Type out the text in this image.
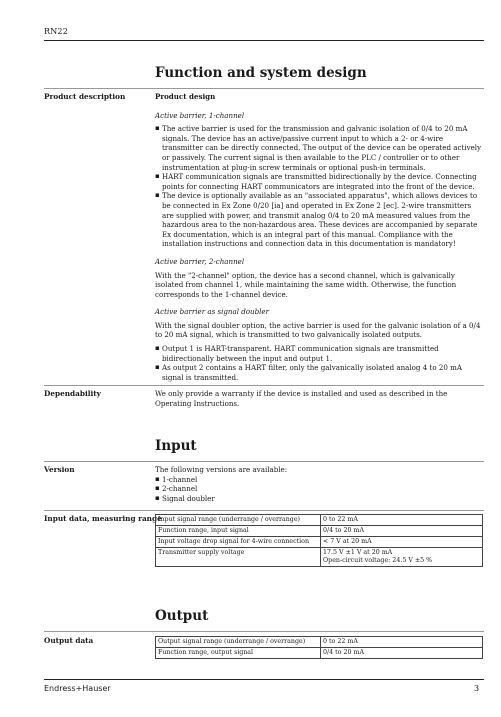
RN22
Function and system design
Product description	Product design

Active barrier, 1-channel

▪ The active barrier is used for the transmission and galvanic isolation of 0/4 to 20 mA signals. The device has an active/passive current input to which a 2- or 4-wire transmitter can be directly connected. The output of the device can be operated actively or passively. The current signal is then available to the PLC / controller or to other instrumentation at plug-in screw terminals or optional push-in terminals.
▪ HART communication signals are transmitted bidirectionally by the device. Connecting points for connecting HART communicators are integrated into the front of the device.
▪ The device is optionally available as an "associated apparatus", which allows devices to be connected in Ex Zone 0/20 [ia] and operated in Ex Zone 2 [ec]. 2-wire transmitters are supplied with power, and transmit analog 0/4 to 20 mA measured values from the hazardous area to the non-hazardous area. These devices are accompanied by separate Ex documentation, which is an integral part of this manual. Compliance with the installation instructions and connection data in this documentation is mandatory!

Active barrier, 2-channel

With the "2-channel" option, the device has a second channel, which is galvanically isolated from channel 1, while maintaining the same width. Otherwise, the function corresponds to the 1-channel device.

Active barrier as signal doubler

With the signal doubler option, the active barrier is used for the galvanic isolation of a 0/4 to 20 mA signal, which is transmitted to two galvanically isolated outputs.

▪ Output 1 is HART-transparent. HART communication signals are transmitted bidirectionally between the input and output 1.
▪ As output 2 contains a HART filter, only the galvanically isolated analog 4 to 20 mA signal is transmitted.
Dependability	We only provide a warranty if the device is installed and used as described in the Operating Instructions.
Input
Version	The following versions are available:

▪ 1-channel
▪ 2-channel
▪ Signal doubler
Input data, measuring range
Input signal range (underrange / overrange)	0 to 22 mA
Function range, input signal	0/4 to 20 mA
Input voltage drop signal for 4-wire connection	< 7 V at 20 mA
Transmitter supply voltage	17.5 V ±1 V at 20 mA
Open-circuit voltage: 24.5 V ±5 %
Output
Output data	Output signal range (underrange / overrange)	0 to 22 mA
Function range, output signal	0/4 to 20 mA
Endress+Hauser	3
